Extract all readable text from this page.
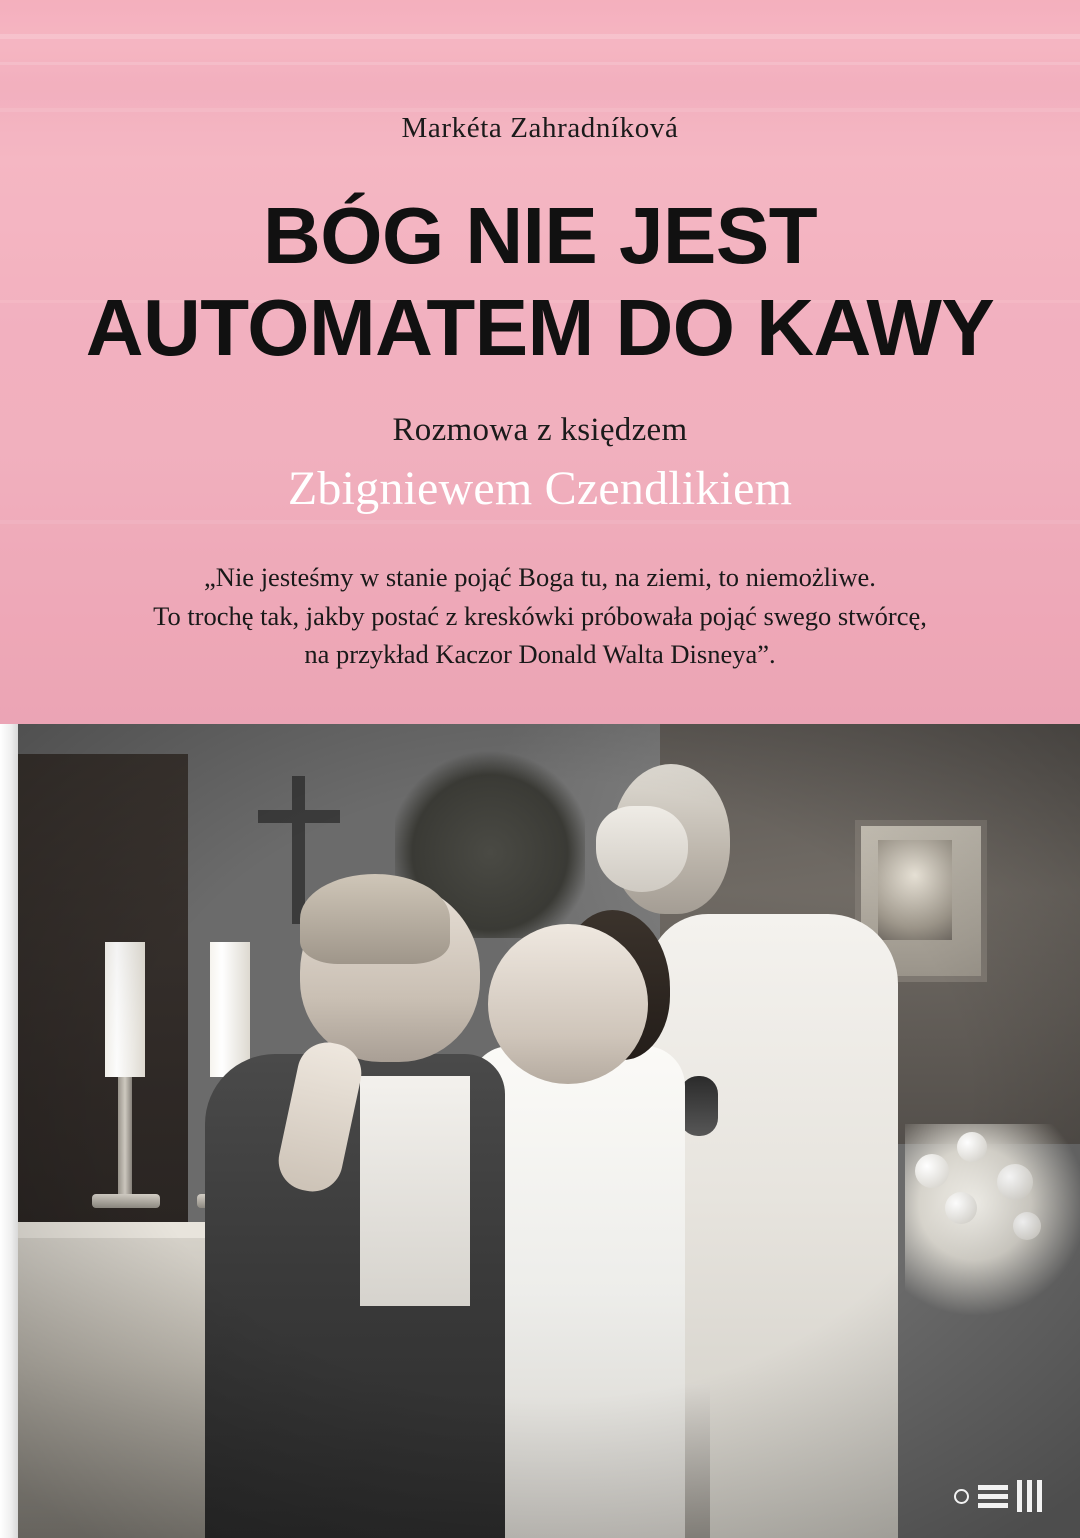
Markéta Zahradníková
BÓG NIE JEST
AUTOMATEM DO KAWY
Rozmowa z księdzem
Zbigniewem Czendlikiem
„Nie jesteśmy w stanie pojąć Boga tu, na ziemi, to niemożliwe.
To trochę tak, jakby postać z kreskówki próbowała pojąć swego stwórcę,
na przykład Kaczor Donald Walta Disneya”.
